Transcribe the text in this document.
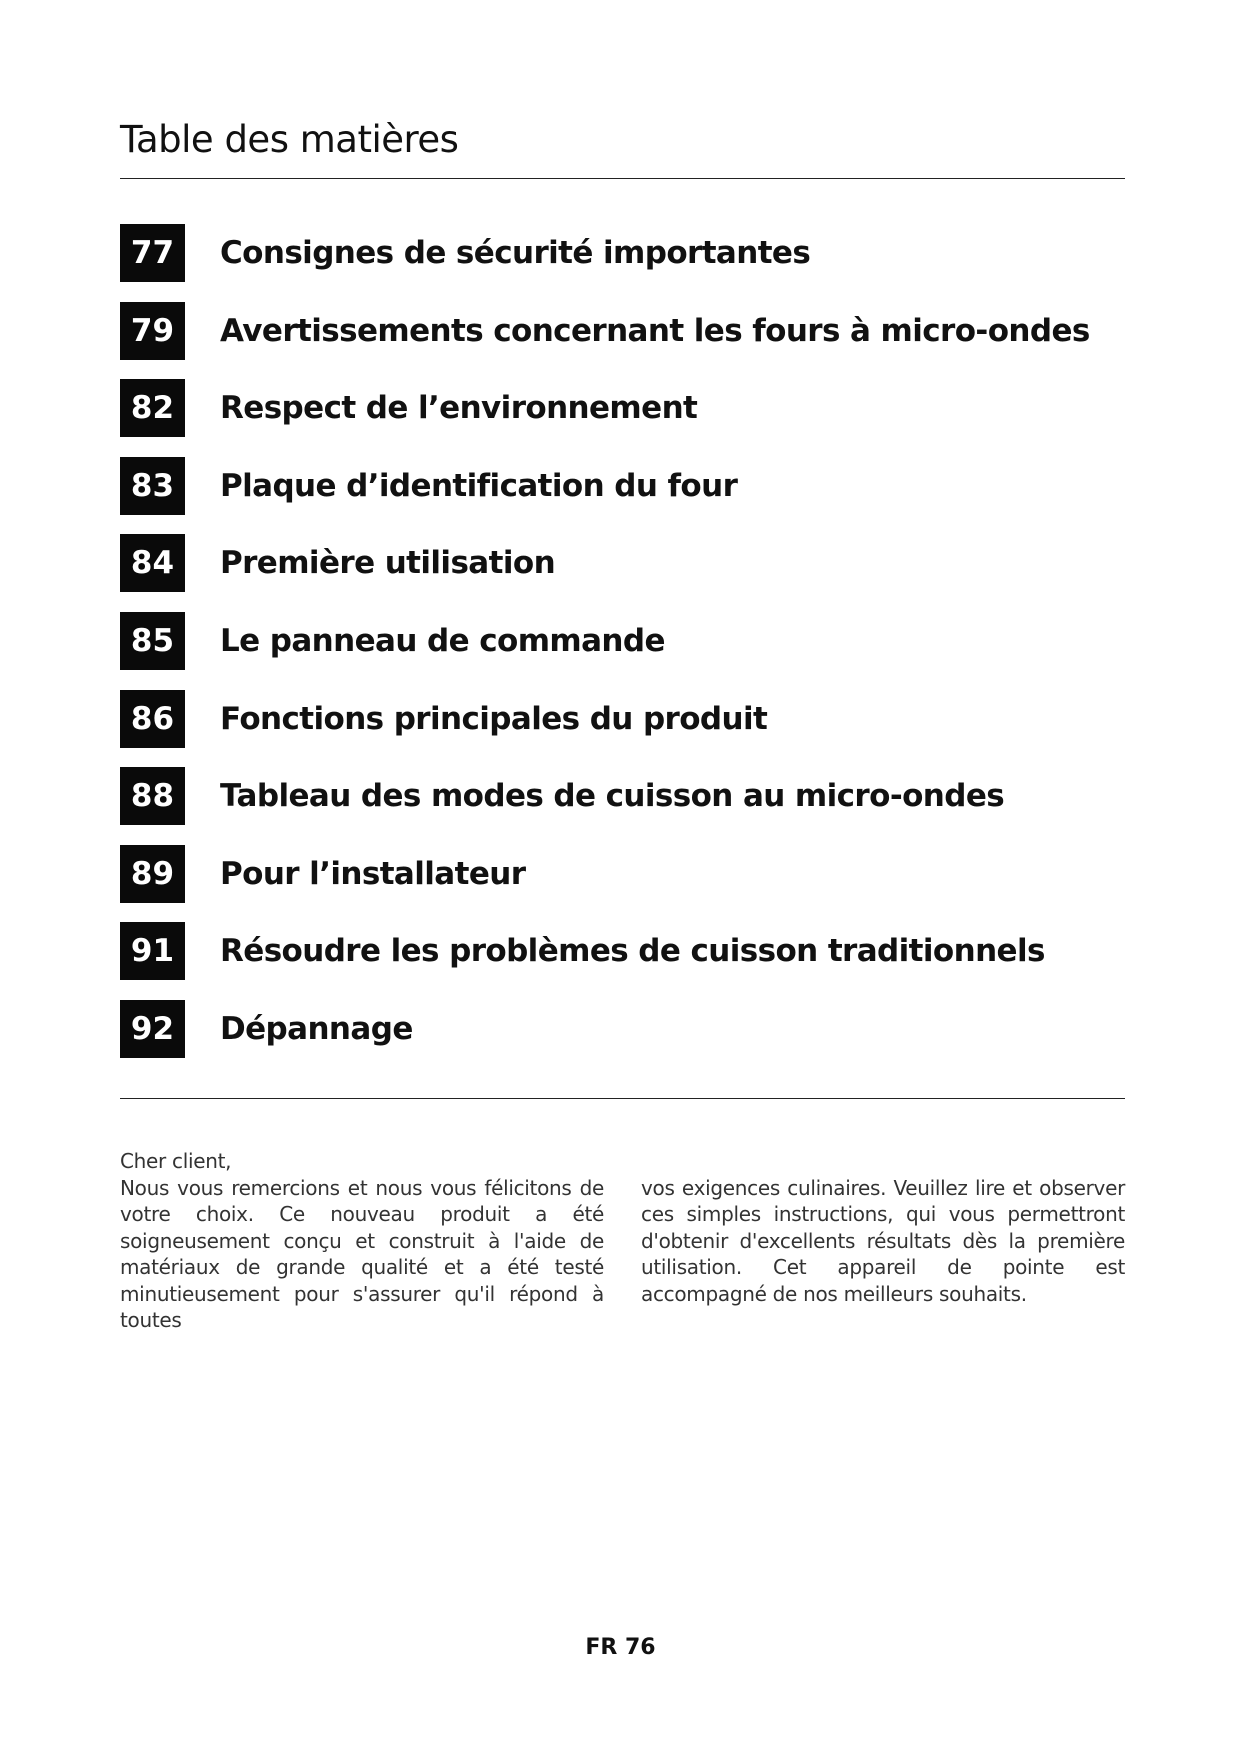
Table des matières
77	Consignes de sécurité importantes
79	Avertissements concernant les fours à micro-ondes
82	Respect de l’environnement
83	Plaque d’identification du four
84	Première utilisation
85	Le panneau de commande
86	Fonctions principales du produit
88	Tableau des modes de cuisson au micro-ondes
89	Pour l’installateur
91	Résoudre les problèmes de cuisson traditionnels
92	Dépannage

Cher client,

Nous vous remercions et nous vous félicitons de votre choix. Ce nouveau produit a été soigneusement conçu et construit à l'aide de matériaux de grande qualité et a été testé minutieusement pour s'assurer qu'il répond à toutes

vos exigences culinaires. Veuillez lire et observer ces simples instructions, qui vous permettront d'obtenir d'excellents résultats dès la première utilisation. Cet appareil de pointe est accompagné de nos meilleurs souhaits.

FR 76
